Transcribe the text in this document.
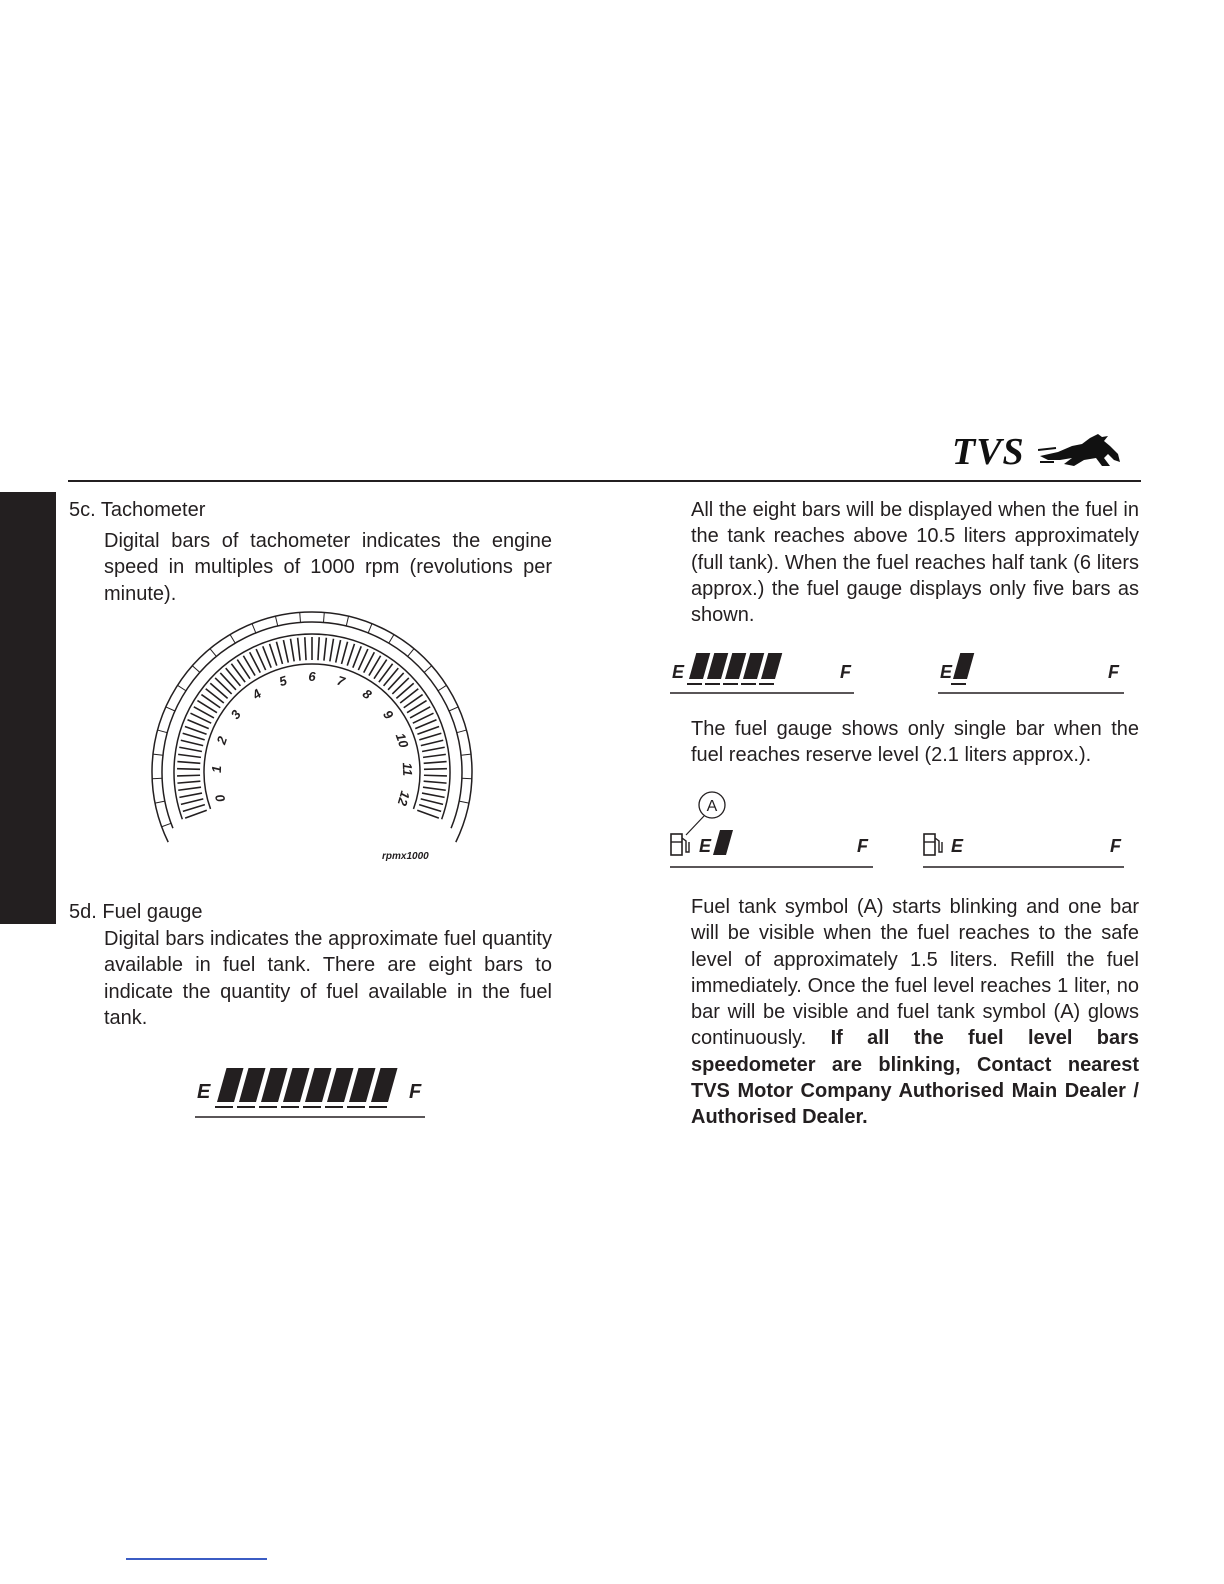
TVS
5c. Tachometer
Digital bars of tachometer indicates the engine speed in multiples of 1000 rpm (revolutions per minute).
0
1
2
3
4
5 6 7
8
9
10
11
12
rpmx1000
5d. Fuel gauge
Digital bars indicates the approximate fuel quantity available in fuel tank. There are eight bars to indicate the quantity of fuel available in the fuel tank.
E	F
All the eight bars will be displayed when the fuel in the tank reaches above 10.5 liters approximately (full tank). When the fuel reaches half tank (6 liters approx.) the fuel gauge displays only five bars as shown.
E	F	E	F
The fuel gauge shows only single bar when the fuel reaches reserve level (2.1 liters approx.).
A
E	F	E	F
Fuel tank symbol (A) starts blinking and one bar will be visible when the fuel reaches to the safe level of approximately 1.5 liters. Refill the fuel immediately. Once the fuel level reaches 1 liter, no bar will be visible and fuel tank symbol (A) glows continuously. If all the fuel level bars speedometer are blinking, Contact nearest TVS Motor Company Authorised Main Dealer / Authorised Dealer.
